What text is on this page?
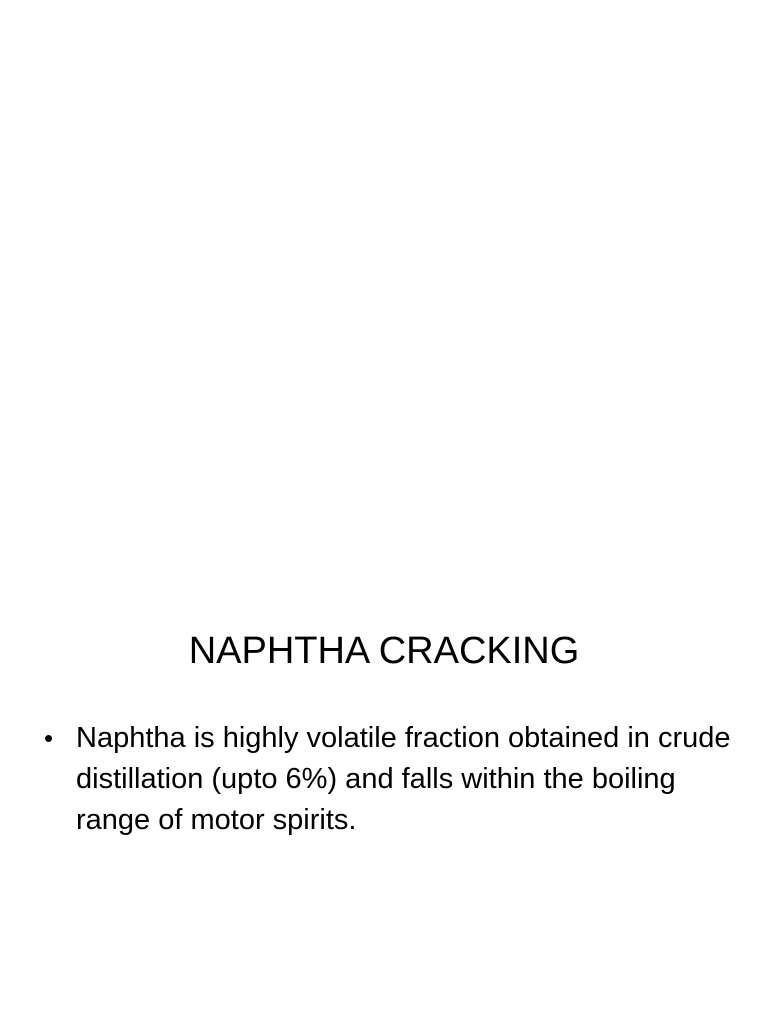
NAPHTHA CRACKING
• Naphtha is highly volatile fraction obtained in crude distillation (upto 6%) and falls within the boiling range of motor spirits.
